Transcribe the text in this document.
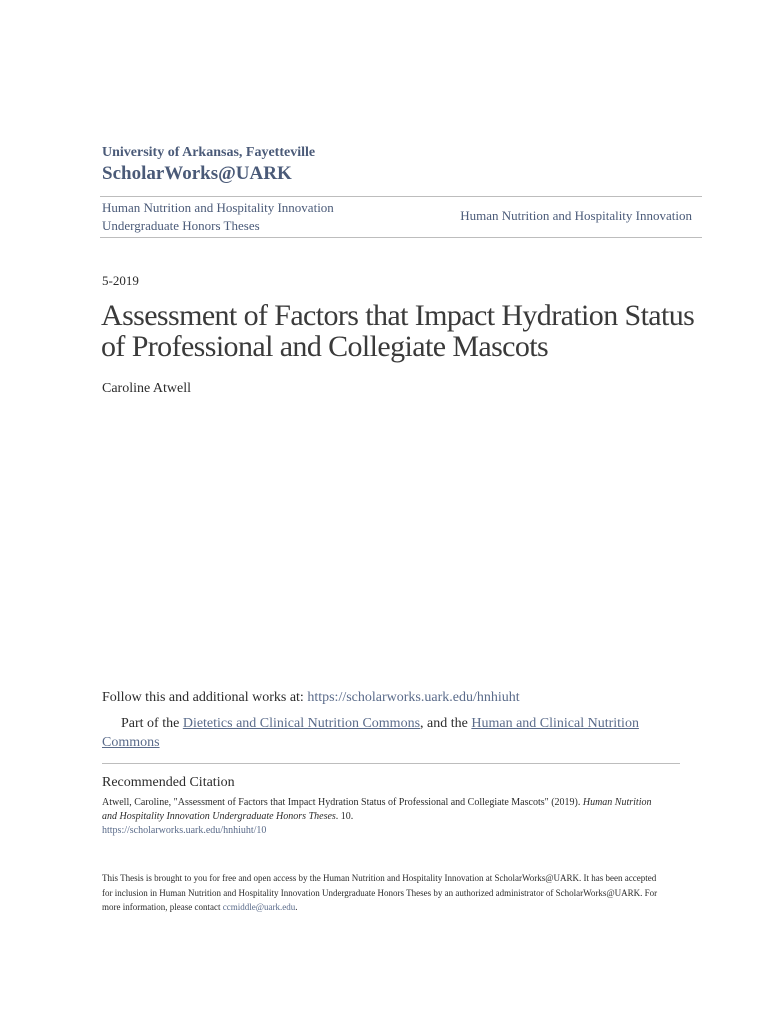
University of Arkansas, Fayetteville
ScholarWorks@UARK
Human Nutrition and Hospitality Innovation Undergraduate Honors Theses
Human Nutrition and Hospitality Innovation
5-2019
Assessment of Factors that Impact Hydration Status of Professional and Collegiate Mascots
Caroline Atwell
Follow this and additional works at: https://scholarworks.uark.edu/hnhiuht
Part of the Dietetics and Clinical Nutrition Commons, and the Human and Clinical Nutrition Commons
Recommended Citation
Atwell, Caroline, "Assessment of Factors that Impact Hydration Status of Professional and Collegiate Mascots" (2019). Human Nutrition and Hospitality Innovation Undergraduate Honors Theses. 10.
https://scholarworks.uark.edu/hnhiuht/10
This Thesis is brought to you for free and open access by the Human Nutrition and Hospitality Innovation at ScholarWorks@UARK. It has been accepted for inclusion in Human Nutrition and Hospitality Innovation Undergraduate Honors Theses by an authorized administrator of ScholarWorks@UARK. For more information, please contact ccmiddle@uark.edu.
